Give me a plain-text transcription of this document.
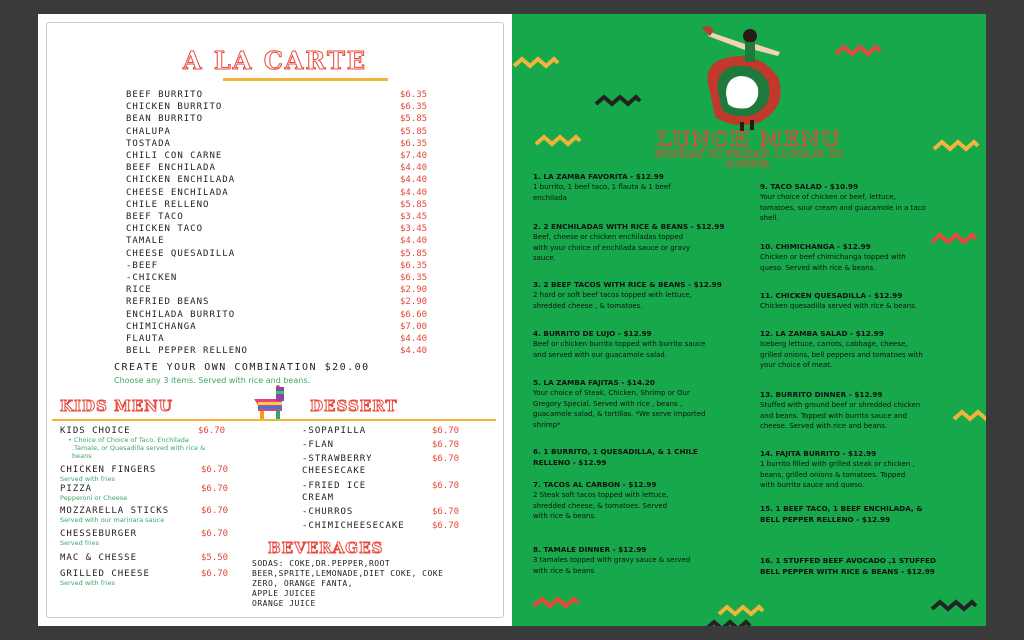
A LA CARTE
BEEF BURRITO	$6.35
CHICKEN BURRITO	$6.35
BEAN BURRITO	$5.85
CHALUPA	$5.85
TOSTADA	$6.35
CHILI CON CARNE	$7.40
BEEF ENCHILADA	$4.40
CHICKEN ENCHILADA	$4.40
CHEESE ENCHILADA	$4.40
CHILE RELLENO	$5.85
BEEF TACO	$3.45
CHICKEN TACO	$3.45
TAMALE	$4.40
CHEESE QUESADILLA	$5.85
-BEEF	$6.35
-CHICKEN	$6.35
RICE	$2.90
REFRIED BEANS	$2.90
ENCHILADA BURRITO	$6.60
CHIMICHANGA	$7.00
FLAUTA	$4.40
BELL PEPPER RELLENO	$4.40
CREATE YOUR OWN COMBINATION $20.00
Choose any 3 items. Served with rice and beans.
KIDS MENU	DESSERT
KIDS CHOICE	$6.70
• Choice of Choice of Taco, Enchilada
.Tamale, or Quesadilla served with rice &
beans
CHICKEN FINGERS	$6.70
Served with fries
PIZZA	$6.70
Pepperoni or Cheese
MOZZARELLA STICKS	$6.70
Served with our marinara sauce
CHESSEBURGER	$6.70
Served fries
MAC & CHESSE	$5.50
GRILLED CHEESE	$6.70
Served with fries
-SOPAPILLA	$6.70
-FLAN	$6.70
-STRAWBERRY
CHEESECAKE
$6.70
-FRIED ICE
CREAM
$6.70
-CHURROS	$6.70
-CHIMICHEESECAKE	$6.70
BEVERAGES
SODAS: COKE,DR.PEPPER,ROOT
BEER,SPRITE,LEMONADE,DIET COKE, COKE
ZERO, ORANGE FANTA,
APPLE JUICEE
ORANGE JUICE
LUNCH MENU
MONDAY TO FRIDAY- 11:00A.M TO
3:00P.M.
1. LA ZAMBA FAVORITA - $12.99
1 burrito, 1 beef taco, 1 flauta & 1 beef
enchilada
2. 2 ENCHILADAS WITH RICE & BEANS - $12.99
Beef, cheese or chicken enchiladas topped
with your choice of enchilada sauce or gravy
sauce.
3. 2 BEEF TACOS WITH RICE & BEANS - $12.99
2 hard or soft beef tacos topped with lettuce,
shredded cheese , & tomatoes.
4. BURRITO DE LUJO - $12.99
Beef or chicken burrito topped with burrito sauce
and served with our guacamole salad.
5. LA ZAMBA FAJITAS - $14.20
Your choice of Steak, Chicken, Shrimp or Our
Gregory Special. Served with rice , beans ,
guacamole salad, & tortillas. *We serve imported
shrimp*
6. 1 BURRITO, 1 QUESADILLA, & 1 CHILE
RELLENO - $12.99
7. TACOS AL CARBON - $12.99
2 Steak soft tacos topped with lettuce,
shredded cheese, & tomatoes. Served
with rice & beans.
8. TAMALE DINNER - $12.99
3 tamales topped with gravy sauce & served
with rice & beans
9. TACO SALAD - $10.99
Your choice of chicken or beef, lettuce,
tomatoes, sour cream and guacamole in a taco
shell.
10. CHIMICHANGA - $12.99
Chicken or beef chimichanga topped with
queso. Served with rice & beans.
11. CHICKEN QUESADILLA - $12.99
Chicken quesadilla served with rice & beans.
12. LA ZAMBA SALAD - $12.99
Iceberg lettuce, carrots, cabbage, cheese,
grilled onions, bell peppers and tomatoes with
your choice of meat.
13. BURRITO DINNER - $12.99
Stuffed with ground beef or shredded chicken
and beans. Topped with burrito sauce and
cheese. Served with rice and beans.
14. FAJITA BURRITO - $12.99
1 burrito filled with grilled steak or chicken ,
beans, grilled onions & tomatoes. Topped
with burrito sauce and queso.
15. 1 BEEF TACO, 1 BEEF ENCHILADA, &
BELL PEPPER RELLENO - $12.99
16. 1 STUFFED BEEF AVOCADO ,1 STUFFED
BELL PEPPER WITH RICE & BEANS - $12.99
